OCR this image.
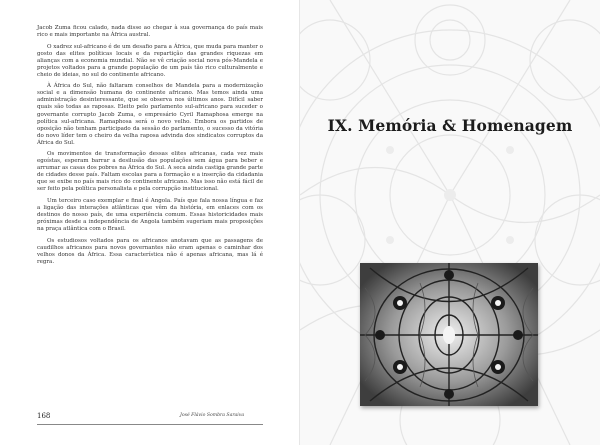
Jacob Zuma ficou calado, nada disse ao chegar à sua governança do país mais rico e mais importante na África austral.

O xadrez sul-africano é de um desafio para a África, que muda para manter o gosto das elites políticas locais e da repartição das grandes riquezas em alianças com a economia mundial. Não se vê criação social nova pós-Mandela e projetos voltados para a grande população de um país tão rico culturalmente e cheio de ideias, no sul do continente africano.

À África do Sul, não faltaram conselhos de Mandela para a modernização social e a dimensão humana do continente africano. Mas temos ainda uma administração desinteressante, que se observa nos últimos anos. Difícil saber quais são todas as raposas. Eleito pelo parlamento sul-africano para suceder o governante corrupto Jacob Zuma, o empresário Cyril Ramaphosa emerge na política sul-africana. Ramaphosa será o novo velho. Embora os partidos de oposição não tenham participado da sessão do parlamento, o sucesso da vitória do novo líder tem o cheiro da velha raposa advinda dos sindicatos corruptos da África do Sul.

Os movimentos de transformação dessas elites africanas, cada vez mais egoístas, esperam barrar a desilusão das populações sem água para beber e arrumar as casas dos pobres na África do Sul. A seca ainda castiga grande parte de cidades desse país. Faltam escolas para a formação e a inserção da cidadania que se exibe no país mais rico do continente africano. Mas isso não está fácil de ser feito pela política personalista e pela corrupção institucional.

Um terceiro caso exemplar e final é Angola. País que fala nossa língua e faz a ligação das interações atlânticas que vêm da história, em enlaces com os destinos do nosso país, de uma experiência comum. Essas historicidades mais próximas desde a independência de Angola também sugeriam mais proposições na praça atlântica com o Brasil.

Os estudiosos voltados para os africanos anotavam que as passagens de caudilhos africanos para novos governantes não eram apenas o caminhar dos velhos donos da África. Essa característica não é apenas africana, mas lá é regra.

168	José Flávio Sombra Saraiva
IX. Memória & Homenagem
